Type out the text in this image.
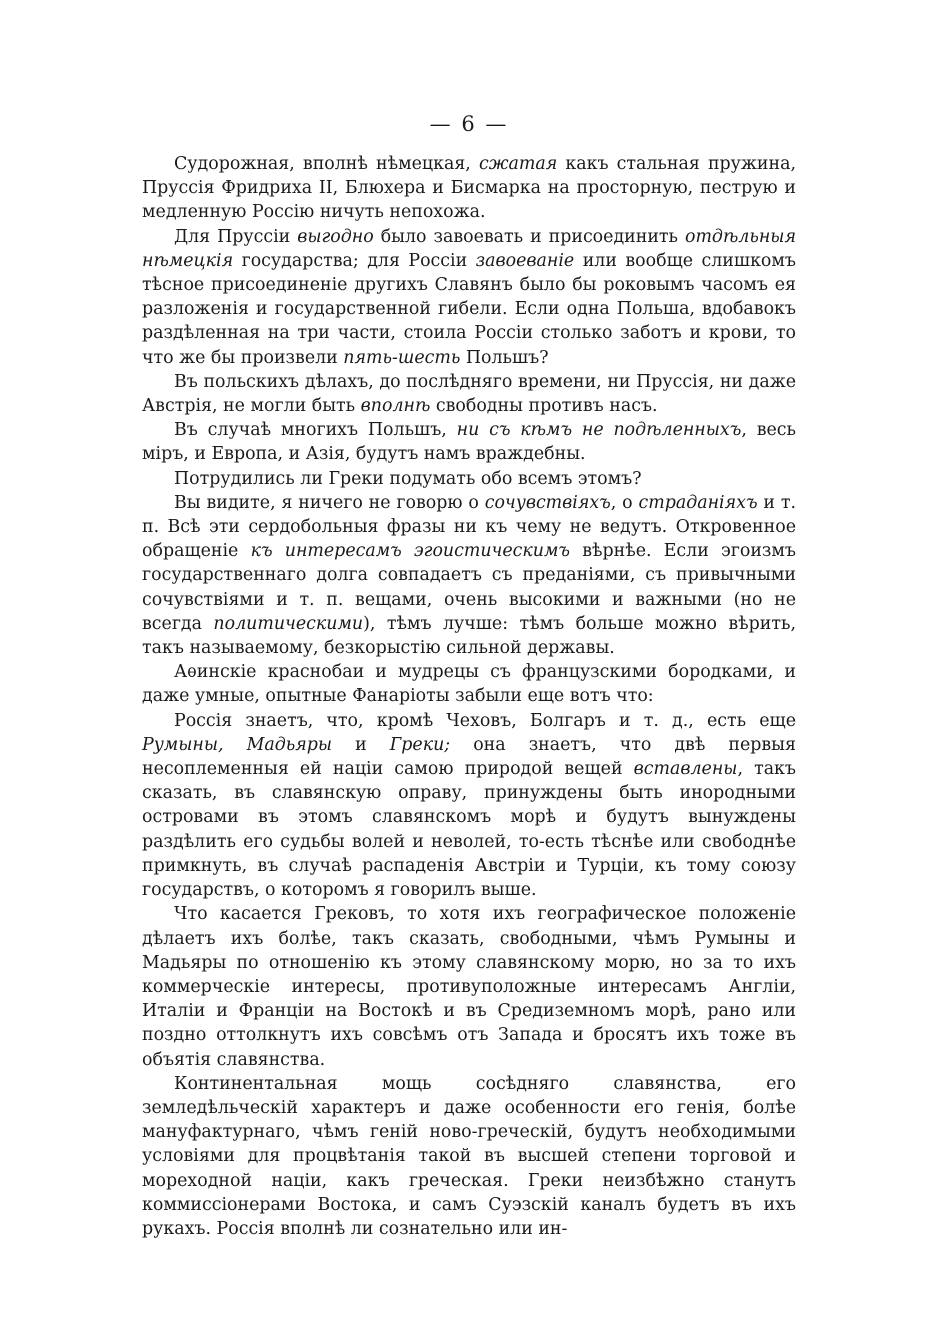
— 6 —

Судорожная, вполнѣ нѣмецкая, сжатая какъ стальная пружина, Пруссія Фридриха II, Блюхера и Бисмарка на просторную, пеструю и медленную Россію ничуть непохожа.

Для Пруссіи выгодно было завоевать и присоединить отдѣльныя нѣмецкія государства; для Россіи завоеваніе или вообще слишкомъ тѣсное присоединеніе другихъ Славянъ было бы роковымъ часомъ ея разложенія и государственной гибели. Если одна Польша, вдобавокъ раздѣленная на три части, стоила Россіи столько заботъ и крови, то что же бы произвели пять-шесть Польшъ?

Въ польскихъ дѣлахъ, до послѣдняго времени, ни Пруссія, ни даже Австрія, не могли быть вполнѣ свободны противъ насъ.

Въ случаѣ многихъ Польшъ, ни съ кѣмъ не подѣленныхъ, весь міръ, и Европа, и Азія, будутъ намъ враждебны.

Потрудились ли Греки подумать обо всемъ этомъ?

Вы видите, я ничего не говорю о сочувствіяхъ, о страданіяхъ и т. п. Всѣ эти сердобольныя фразы ни къ чему не ведутъ. Откровенное обращеніе къ интересамъ эгоистическимъ вѣрнѣе. Если эгоизмъ государственнаго долга совпадаетъ съ преданіями, съ привычными сочувствіями и т. п. вещами, очень высокими и важными (но не всегда политическими), тѣмъ лучше: тѣмъ больше можно вѣрить, такъ называемому, безкорыстію сильной державы.

Аѳинскіе краснобаи и мудрецы съ французскими бородками, и даже умные, опытные Фанаріоты забыли еще вотъ что:

Россія знаетъ, что, кромѣ Чеховъ, Болгаръ и т. д., есть еще Румыны, Мадьяры и Греки; она знаетъ, что двѣ первыя несоплеменныя ей націи самою природой вещей вставлены, такъ сказать, въ славянскую оправу, принуждены быть инородными островами въ этомъ славянскомъ морѣ и будутъ вынуждены раздѣлить его судьбы волей и неволей, то-есть тѣснѣе или свободнѣе примкнуть, въ случаѣ распаденія Австріи и Турціи, къ тому союзу государствъ, о которомъ я говорилъ выше.

Что касается Грековъ, то хотя ихъ географическое положеніе дѣлаетъ ихъ болѣе, такъ сказать, свободными, чѣмъ Румыны и Мадьяры по отношенію къ этому славянскому морю, но за то ихъ коммерческіе интересы, противуположные интересамъ Англіи, Италіи и Франціи на Востокѣ и въ Средиземномъ морѣ, рано или поздно оттолкнутъ ихъ совсѣмъ отъ Запада и бросятъ ихъ тоже въ объятія славянства.

Континентальная мощь сосѣдняго славянства, его земледѣльческій характеръ и даже особенности его генія, болѣе мануфактурнаго, чѣмъ геній ново-греческій, будутъ необходимыми условіями для процвѣтанія такой въ высшей степени торговой и мореходной націи, какъ греческая. Греки неизбѣжно станутъ коммиссіонерами Востока, и самъ Суэзскій каналъ будетъ въ ихъ рукахъ. Россія вполнѣ ли сознательно или ин-
